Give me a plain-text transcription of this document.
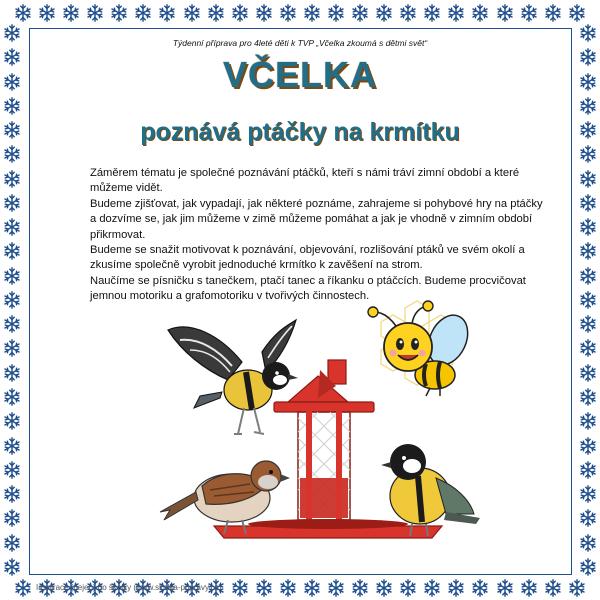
Týdenní příprava pro 4leté děti k TVP „Včelka zkoumá s dětmi svět“
VČELKA
poznává ptáčky na krmítku

Záměrem tématu je společné poznávání ptáčků, kteří s námi tráví zimní období a které můžeme vidět.

Budeme zjišťovat, jak vypadají, jak některé poznáme, zahrajeme si pohybové hry na ptáčky a dozvíme se, jak jim můžeme v zimě můžeme pomáhat a jak je vhodně v zimním období přikrmovat.

Budeme se snažit motivovat k poznávání, objevování, rozlišování ptáků ve svém okolí a zkusíme společně vyrobit jednoduché krmítko k zavěšení na strom.

Naučíme se písničku s tanečkem, ptačí tanec a říkanku o ptáčcích. Budeme procvičovat jemnou motoriku a grafomotoriku v tvořivých činnostech.

Inspirace (nejen) do školky (www.skolka-pripravy.cz)
